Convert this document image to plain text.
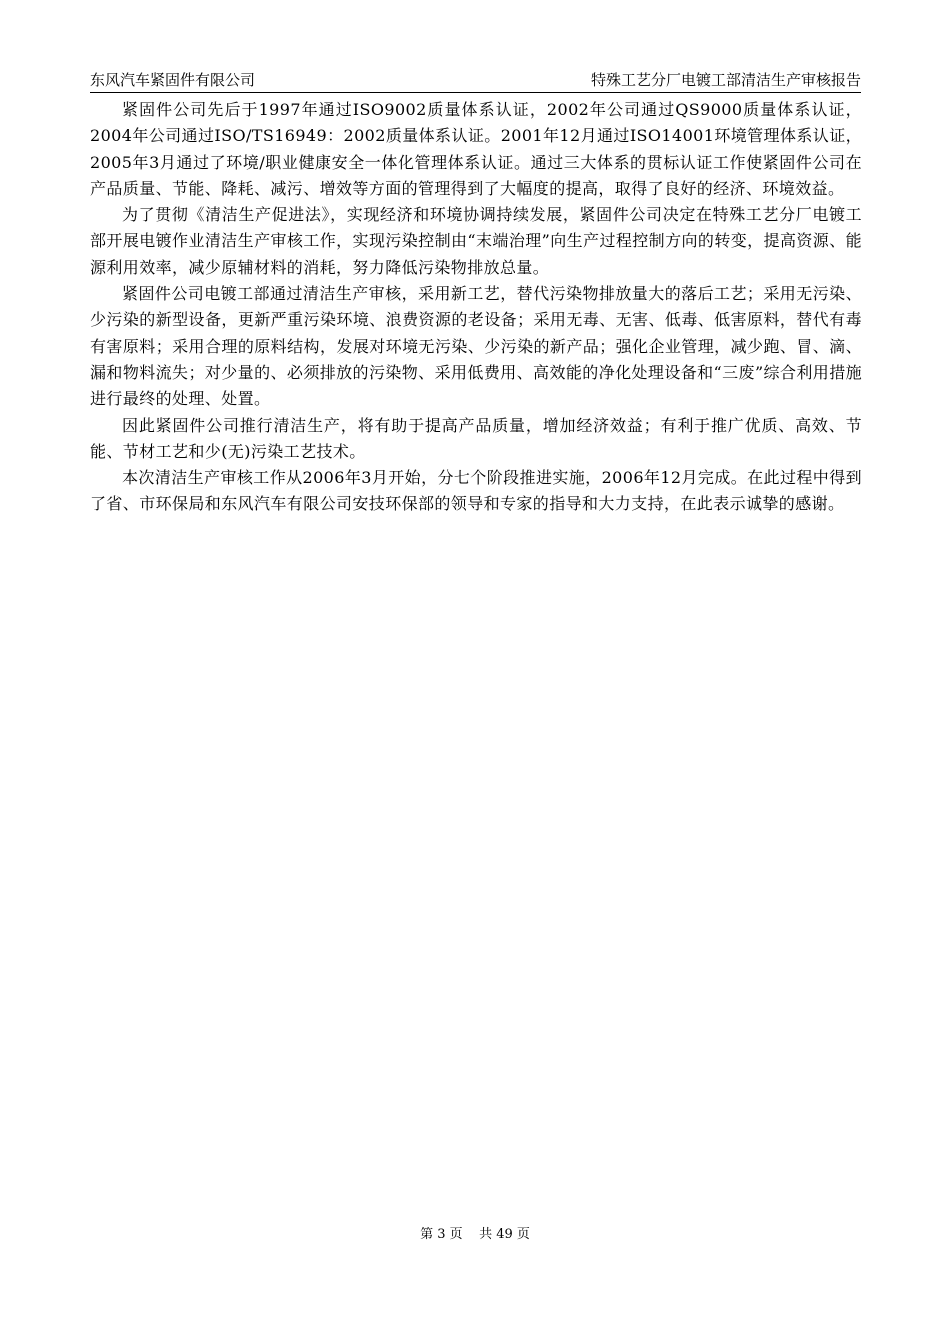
东风汽车紧固件有限公司	特殊工艺分厂电镀工部清洁生产审核报告

紧固件公司先后于1997年通过ISO9002质量体系认证，2002年公司通过QS9000质量体系认证，2004年公司通过ISO/TS16949：2002质量体系认证。2001年12月通过ISO14001环境管理体系认证，2005年3月通过了环境/职业健康安全一体化管理体系认证。通过三大体系的贯标认证工作使紧固件公司在产品质量、节能、降耗、减污、增效等方面的管理得到了大幅度的提高，取得了良好的经济、环境效益。

为了贯彻《清洁生产促进法》，实现经济和环境协调持续发展，紧固件公司决定在特殊工艺分厂电镀工部开展电镀作业清洁生产审核工作，实现污染控制由“末端治理”向生产过程控制方向的转变，提高资源、能源利用效率，减少原辅材料的消耗，努力降低污染物排放总量。

紧固件公司电镀工部通过清洁生产审核，采用新工艺，替代污染物排放量大的落后工艺；采用无污染、少污染的新型设备，更新严重污染环境、浪费资源的老设备；采用无毒、无害、低毒、低害原料，替代有毒有害原料；采用合理的原料结构，发展对环境无污染、少污染的新产品；强化企业管理，减少跑、冒、滴、漏和物料流失；对少量的、必须排放的污染物、采用低费用、高效能的净化处理设备和“三废”综合利用措施进行最终的处理、处置。

因此紧固件公司推行清洁生产，将有助于提高产品质量，增加经济效益；有利于推广优质、高效、节能、节材工艺和少(无)污染工艺技术。

本次清洁生产审核工作从2006年3月开始，分七个阶段推进实施，2006年12月完成。在此过程中得到了省、市环保局和东风汽车有限公司安技环保部的领导和专家的指导和大力支持，在此表示诚挚的感谢。

第 3 页    共 49 页
